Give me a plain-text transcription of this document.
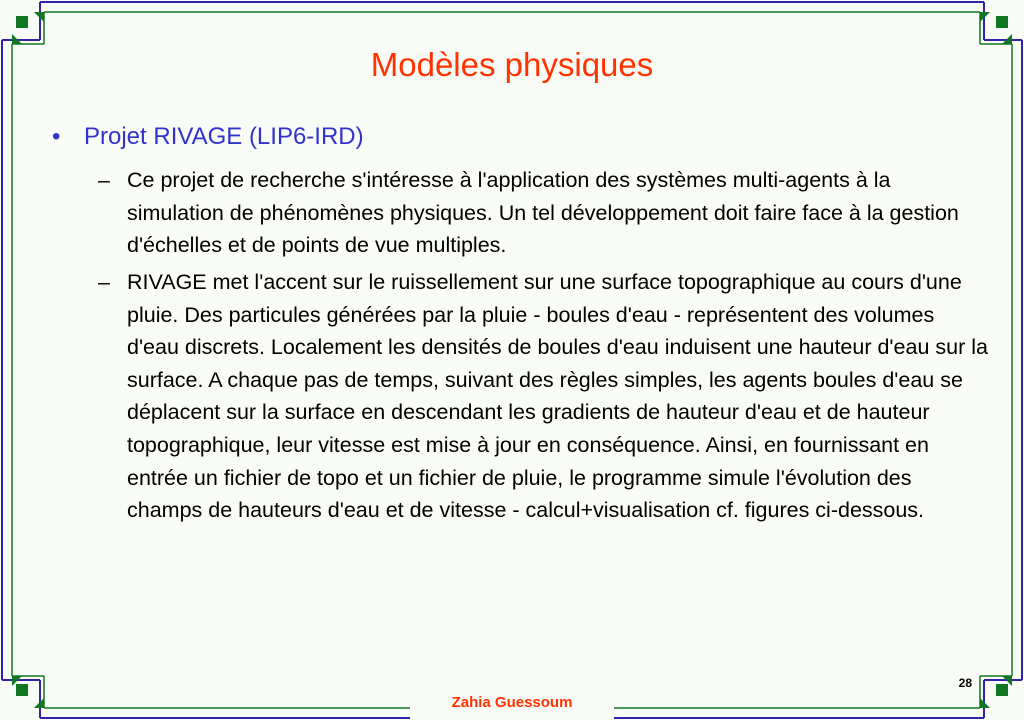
Modèles physiques
• Projet RIVAGE (LIP6-IRD)
– Ce projet de recherche s'intéresse à l'application des systèmes multi-agents à la simulation de phénomènes physiques. Un tel développement doit faire face à la gestion d'échelles et de points de vue multiples.
– RIVAGE met l'accent sur le ruissellement sur une surface topographique au cours d'une pluie. Des particules générées par la pluie - boules d'eau - représentent des volumes d'eau discrets. Localement les densités de boules d'eau induisent une hauteur d'eau sur la surface. A chaque pas de temps, suivant des règles simples, les agents boules d'eau se déplacent sur la surface en descendant les gradients de hauteur d'eau et de hauteur topographique, leur vitesse est mise à jour en conséquence. Ainsi, en fournissant en entrée un fichier de topo et un fichier de pluie, le programme simule l'évolution des champs de hauteurs d'eau et de vitesse - calcul+visualisation cf. figures ci-dessous.
28
Zahia Guessoum
